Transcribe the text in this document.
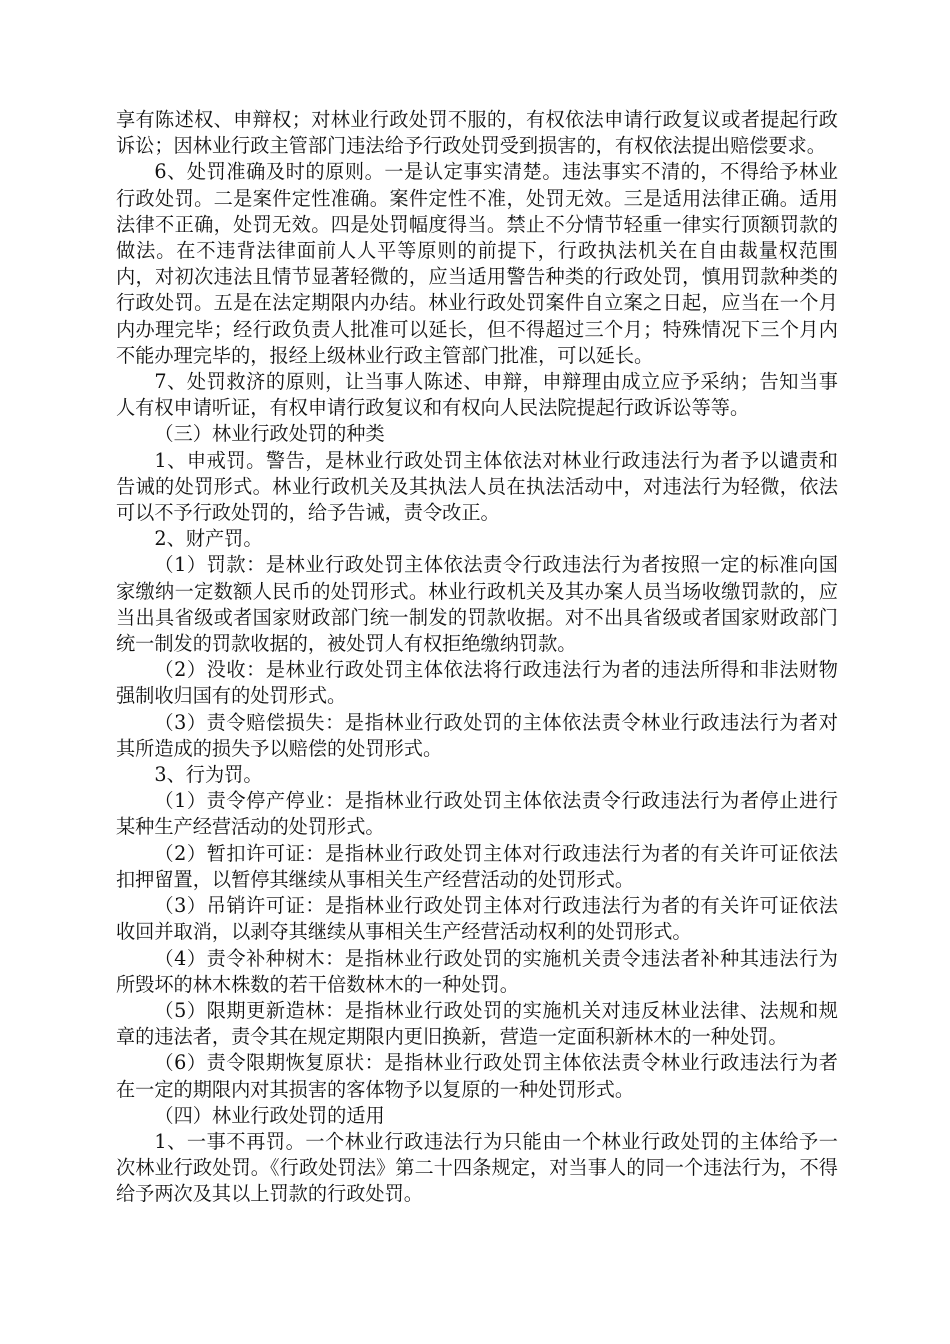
享有陈述权、申辩权；对林业行政处罚不服的，有权依法申请行政复议或者提起行政诉讼；因林业行政主管部门违法给予行政处罚受到损害的，有权依法提出赔偿要求。

6、处罚准确及时的原则。一是认定事实清楚。违法事实不清的，不得给予林业行政处罚。二是案件定性准确。案件定性不准，处罚无效。三是适用法律正确。适用法律不正确，处罚无效。四是处罚幅度得当。禁止不分情节轻重一律实行顶额罚款的做法。在不违背法律面前人人平等原则的前提下，行政执法机关在自由裁量权范围内，对初次违法且情节显著轻微的，应当适用警告种类的行政处罚，慎用罚款种类的行政处罚。五是在法定期限内办结。林业行政处罚案件自立案之日起，应当在一个月内办理完毕；经行政负责人批准可以延长，但不得超过三个月；特殊情况下三个月内不能办理完毕的，报经上级林业行政主管部门批准，可以延长。

7、处罚救济的原则，让当事人陈述、申辩，申辩理由成立应予采纳；告知当事人有权申请听证，有权申请行政复议和有权向人民法院提起行政诉讼等等。

（三）林业行政处罚的种类

1、申戒罚。警告，是林业行政处罚主体依法对林业行政违法行为者予以谴责和告诫的处罚形式。林业行政机关及其执法人员在执法活动中，对违法行为轻微，依法可以不予行政处罚的，给予告诫，责令改正。

2、财产罚。

（1）罚款：是林业行政处罚主体依法责令行政违法行为者按照一定的标准向国家缴纳一定数额人民币的处罚形式。林业行政机关及其办案人员当场收缴罚款的，应当出具省级或者国家财政部门统一制发的罚款收据。对不出具省级或者国家财政部门统一制发的罚款收据的，被处罚人有权拒绝缴纳罚款。

（2）没收：是林业行政处罚主体依法将行政违法行为者的违法所得和非法财物强制收归国有的处罚形式。

（3）责令赔偿损失：是指林业行政处罚的主体依法责令林业行政违法行为者对其所造成的损失予以赔偿的处罚形式。

3、行为罚。

（1）责令停产停业：是指林业行政处罚主体依法责令行政违法行为者停止进行某种生产经营活动的处罚形式。

（2）暂扣许可证：是指林业行政处罚主体对行政违法行为者的有关许可证依法扣押留置，以暂停其继续从事相关生产经营活动的处罚形式。

（3）吊销许可证：是指林业行政处罚主体对行政违法行为者的有关许可证依法收回并取消，以剥夺其继续从事相关生产经营活动权利的处罚形式。

（4）责令补种树木：是指林业行政处罚的实施机关责令违法者补种其违法行为所毁坏的林木株数的若干倍数林木的一种处罚。

（5）限期更新造林：是指林业行政处罚的实施机关对违反林业法律、法规和规章的违法者，责令其在规定期限内更旧换新，营造一定面积新林木的一种处罚。

（6）责令限期恢复原状：是指林业行政处罚主体依法责令林业行政违法行为者在一定的期限内对其损害的客体物予以复原的一种处罚形式。

（四）林业行政处罚的适用

1、一事不再罚。一个林业行政违法行为只能由一个林业行政处罚的主体给予一次林业行政处罚。《行政处罚法》第二十四条规定，对当事人的同一个违法行为，不得给予两次及其以上罚款的行政处罚。
